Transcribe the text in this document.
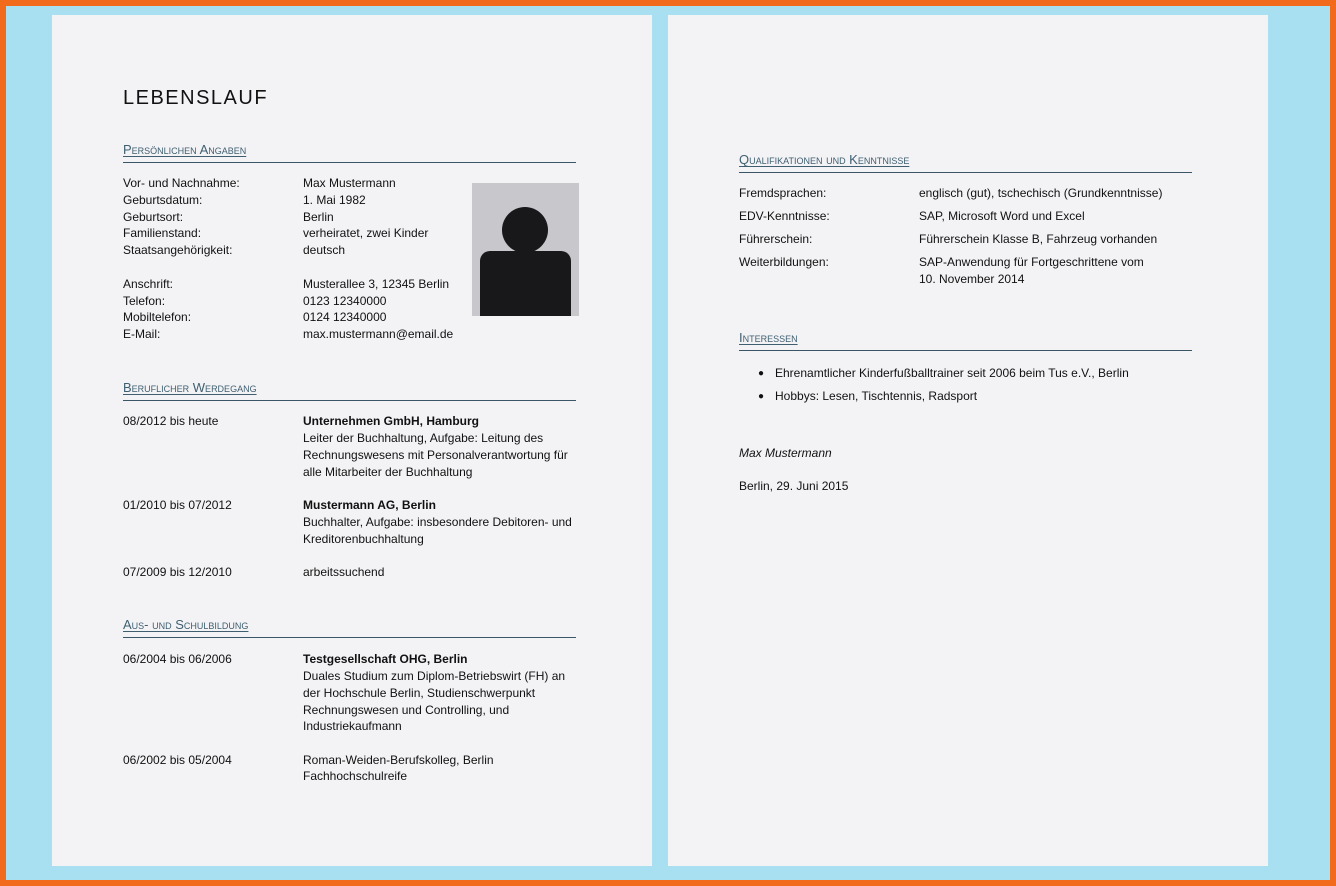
LEBENSLAUF
Persönlichen Angaben
Vor- und Nachnahme:	Max Mustermann
Geburtsdatum:	1. Mai 1982
Geburtsort:	Berlin
Familienstand:	verheiratet, zwei Kinder
Staatsangehörigkeit:	deutsch
Anschrift:	Musterallee 3, 12345 Berlin
Telefon:	0123 12340000
Mobiltelefon:	0124 12340000
E-Mail:	max.mustermann@email.de
Beruflicher Werdegang
08/2012 bis heute	Unternehmen GmbH, Hamburg
Leiter der Buchhaltung, Aufgabe: Leitung des
Rechnungswesens mit Personalverantwortung für
alle Mitarbeiter der Buchhaltung
01/2010 bis 07/2012	Mustermann AG, Berlin
Buchhalter, Aufgabe: insbesondere Debitoren- und
Kreditorenbuchhaltung
07/2009 bis 12/2010	arbeitssuchend
Aus- und Schulbildung
06/2004 bis 06/2006	Testgesellschaft OHG, Berlin
Duales Studium zum Diplom-Betriebswirt (FH) an
der Hochschule Berlin, Studienschwerpunkt
Rechnungswesen und Controlling, und
Industriekaufmann
06/2002 bis 05/2004	Roman-Weiden-Berufskolleg, Berlin
Fachhochschulreife
Qualifikationen und Kenntnisse
Fremdsprachen:	englisch (gut), tschechisch (Grundkenntnisse)
EDV-Kenntnisse:	SAP, Microsoft Word und Excel
Führerschein:	Führerschein Klasse B, Fahrzeug vorhanden
Weiterbildungen:	SAP-Anwendung für Fortgeschrittene vom
10. November 2014
Interessen
● Ehrenamtlicher Kinderfußballtrainer seit 2006 beim Tus e.V., Berlin
● Hobbys: Lesen, Tischtennis, Radsport
Max Mustermann
Berlin, 29. Juni 2015
